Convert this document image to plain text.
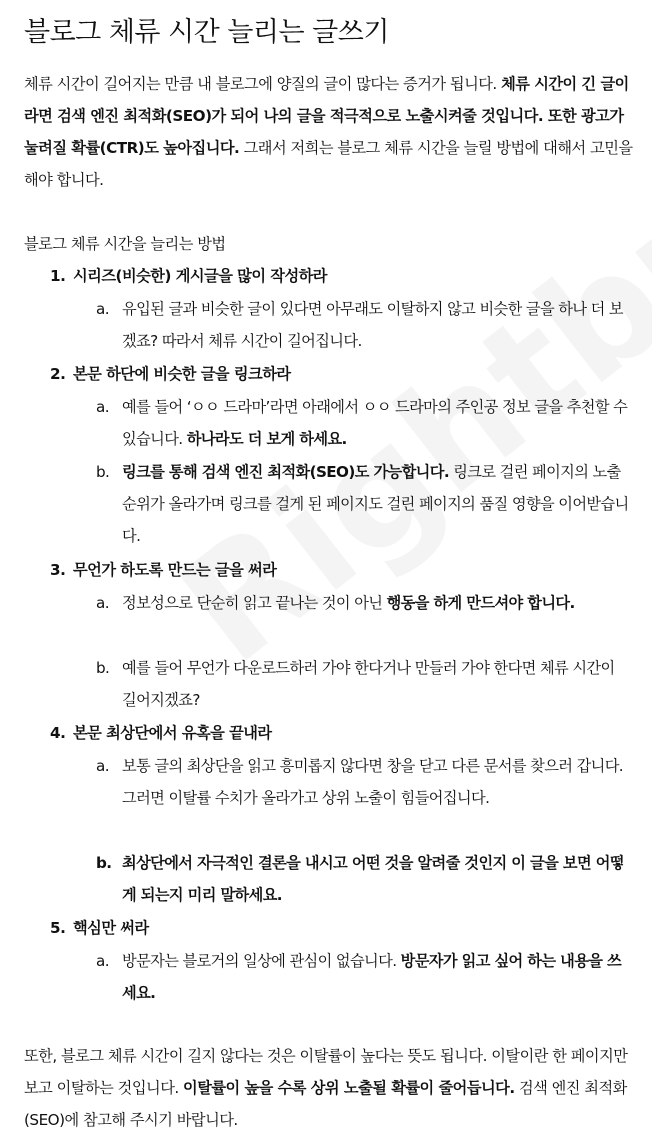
블로그 체류 시간 늘리는 글쓰기
체류 시간이 길어지는 만큼 내 블로그에 양질의 글이 많다는 증거가 됩니다. 체류 시간이 긴 글이라면 검색 엔진 최적화(SEO)가 되어 나의 글을 적극적으로 노출시켜줄 것입니다. 또한 광고가 눌려질 확률(CTR)도 높아집니다. 그래서 저희는 블로그 체류 시간을 늘릴 방법에 대해서 고민을 해야 합니다.
블로그 체류 시간을 늘리는 방법
1. 시리즈(비슷한) 게시글을 많이 작성하라
a. 유입된 글과 비슷한 글이 있다면 아무래도 이탈하지 않고 비슷한 글을 하나 더 보겠죠? 따라서 체류 시간이 길어집니다.
2. 본문 하단에 비슷한 글을 링크하라
a. 예를 들어 ‘ㅇㅇ 드라마’라면 아래에서 ㅇㅇ 드라마의 주인공 정보 글을 추천할 수 있습니다. 하나라도 더 보게 하세요.
b. 링크를 통해 검색 엔진 최적화(SEO)도 가능합니다. 링크로 걸린 페이지의 노출 순위가 올라가며 링크를 걸게 된 페이지도 걸린 페이지의 품질 영향을 이어받습니다.
3. 무언가 하도록 만드는 글을 써라
a. 정보성으로 단순히 읽고 끝나는 것이 아닌 행동을 하게 만드셔야 합니다.
b. 예를 들어 무언가 다운로드하러 가야 한다거나 만들러 가야 한다면 체류 시간이 길어지겠죠?
4. 본문 최상단에서 유혹을 끝내라
a. 보통 글의 최상단을 읽고 흥미롭지 않다면 창을 닫고 다른 문서를 찾으러 갑니다. 그러면 이탈률 수치가 올라가고 상위 노출이 힘들어집니다.
b. 최상단에서 자극적인 결론을 내시고 어떤 것을 알려줄 것인지 이 글을 보면 어떻게 되는지 미리 말하세요.
5. 핵심만 써라
a. 방문자는 블로거의 일상에 관심이 없습니다. 방문자가 읽고 싶어 하는 내용을 쓰세요.
또한, 블로그 체류 시간이 길지 않다는 것은 이탈률이 높다는 뜻도 됩니다. 이탈이란 한 페이지만 보고 이탈하는 것입니다. 이탈률이 높을 수록 상위 노출될 확률이 줄어듭니다. 검색 엔진 최적화(SEO)에 참고해 주시기 바랍니다.
